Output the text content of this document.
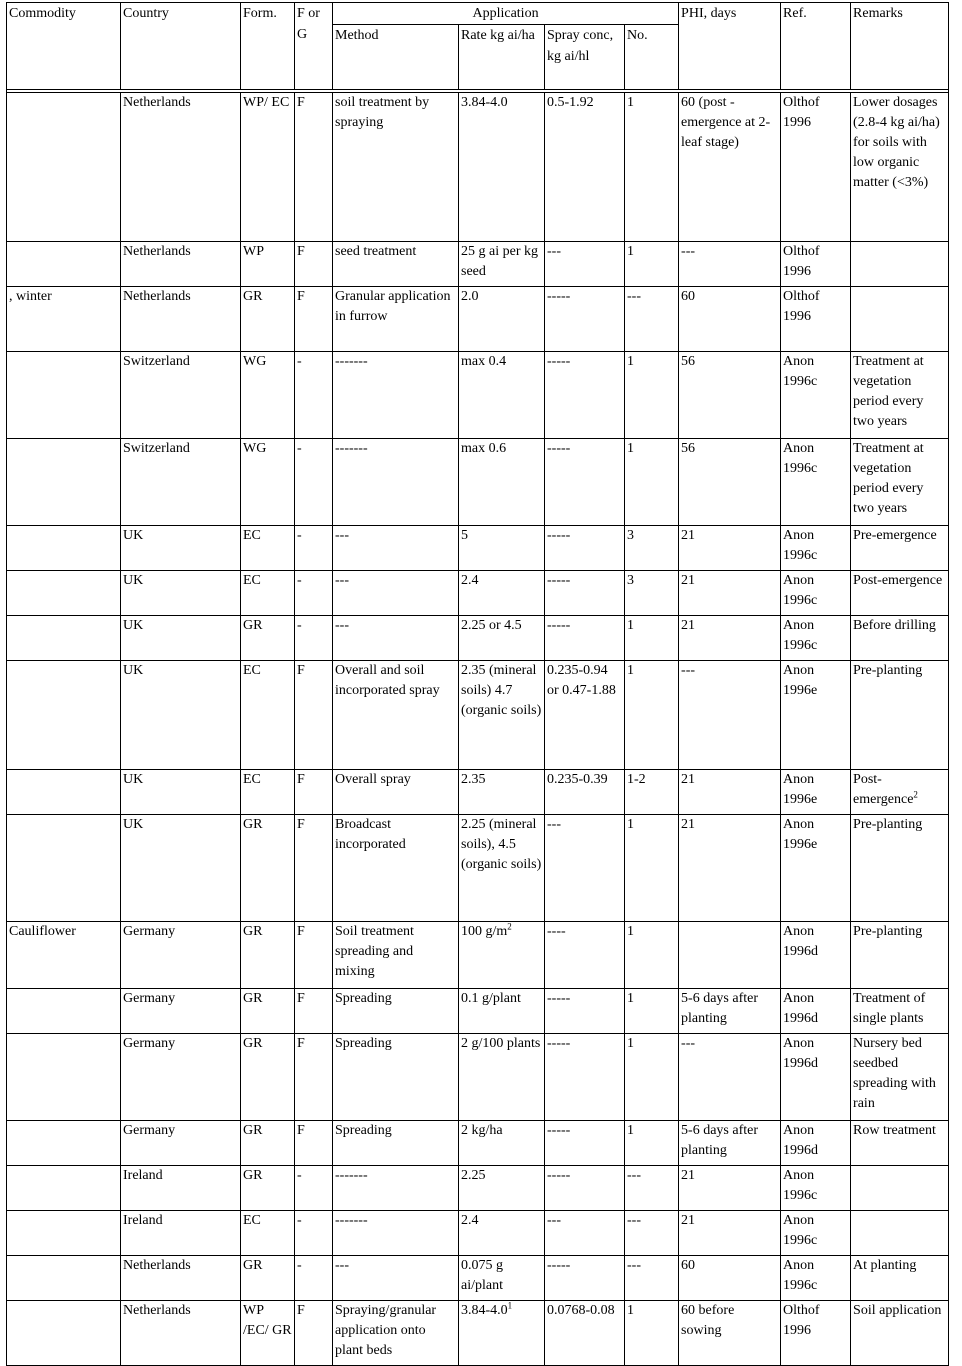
Commodity	Country	Form.	F or G	Application				PHI, days	Ref.	Remarks
				Method	Rate kg ai/ha	Spray conc, kg ai/hl	No.			

	Netherlands	WP/ EC	F	soil treatment by spraying	3.84-4.0	0.5-1.92	1	60 (post - emergence at 2-leaf stage)	Olthof 1996	Lower dosages (2.8-4 kg ai/ha) for soils with low organic matter (<3%)
	Netherlands	WP	F	seed treatment	25 g ai per kg seed	---	1	---	Olthof 1996	
, winter	Netherlands	GR	F	Granular application in furrow	2.0	-----	---	60	Olthof 1996	
	Switzerland	WG	-	-------	max 0.4	-----	1	56	Anon 1996c	Treatment at vegetation period every two years
	Switzerland	WG	-	-------	max 0.6	-----	1	56	Anon 1996c	Treatment at vegetation period every two years
	UK	EC	-	---	5	-----	3	21	Anon 1996c	Pre-emergence
	UK	EC	-	---	2.4	-----	3	21	Anon 1996c	Post-emergence
	UK	GR	-	---	2.25 or 4.5	-----	1	21	Anon 1996c	Before drilling
	UK	EC	F	Overall and soil incorporated spray	2.35 (mineral soils) 4.7 (organic soils)	0.235-0.94 or 0.47-1.88	1	---	Anon 1996e	Pre-planting
	UK	EC	F	Overall spray	2.35	0.235-0.39	1-2	21	Anon 1996e	Post-emergence$^2$
	UK	GR	F	Broadcast incorporated	2.25 (mineral soils), 4.5 (organic soils)	---	1	21	Anon 1996e	Pre-planting
Cauliflower	Germany	GR	F	Soil treatment spreading and mixing	100 $g/m^2$	----	1		Anon 1996d	Pre-planting
	Germany	GR	F	Spreading	0.1 g/plant	-----	1	5-6 days after planting	Anon 1996d	Treatment of single plants
	Germany	GR	F	Spreading	2 g/100 plants	-----	1	---	Anon 1996d	Nursery bed seedbed spreading with rain
	Germany	GR	F	Spreading	2 kg/ha	-----	1	5-6 days after planting	Anon 1996d	Row treatment
	Ireland	GR	-	-------	2.25	-----	---	21	Anon 1996c	
	Ireland	EC	-	-------	2.4	---	---	21	Anon 1996c	
	Netherlands	GR	-	---	0.075 g ai/plant	-----	---	60	Anon 1996c	At planting
	Netherlands	WP /EC/ GR	F	Spraying/granular application onto plant beds	$3.84-4.0^1$	0.0768-0.08	1	60 before sowing	Olthof 1996	Soil application
